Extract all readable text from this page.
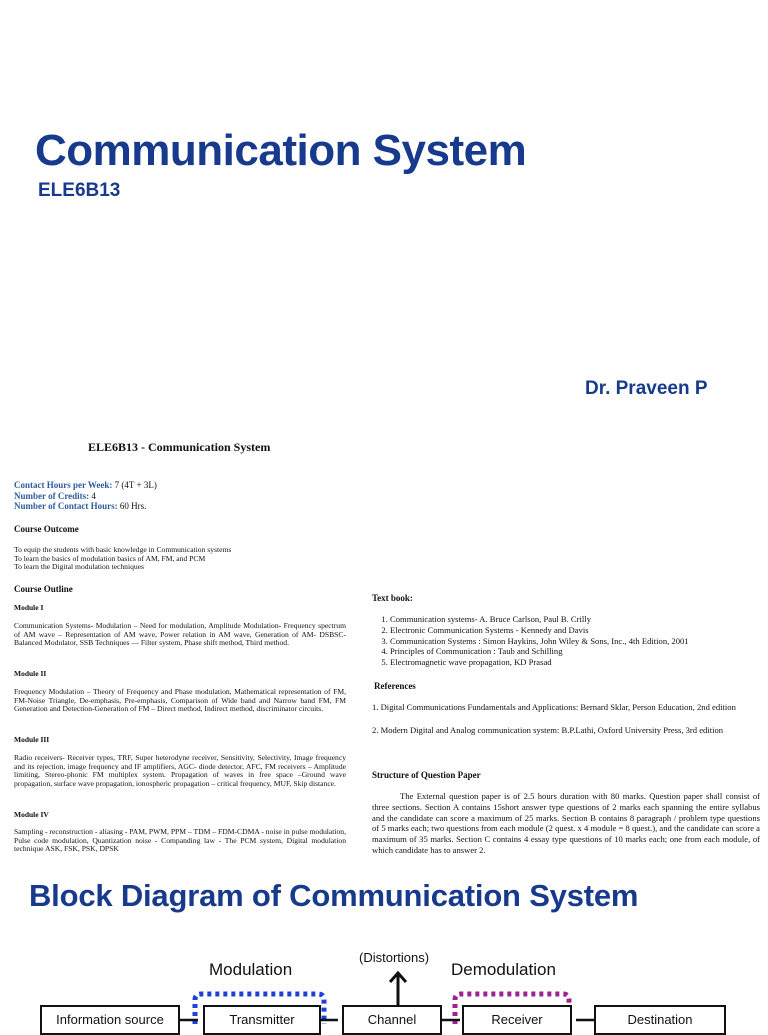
Communication System
ELE6B13
Dr. Praveen P
ELE6B13 - Communication System
Contact Hours per Week: 7 (4T + 3L)
Number of Credits: 4
Number of Contact Hours: 60 Hrs.
Course Outcome
To equip the students with basic knowledge in Communication systems
To learn the basics of modulation basics of AM, FM, and PCM
To learn the Digital modulation techniques
Course Outline
Module I
Communication Systems- Modulation – Need for modulation, Amplitude Modulation- Frequency spectrum of AM wave – Representation of AM wave, Power relation in AM wave, Generation of AM- DSBSC- Balanced Modulator, SSB Techniques — Filter system, Phase shift method, Third method.
Module II
Frequency Modulation – Theory of Frequency and Phase modulation, Mathematical representation of FM, FM-Noise Triangle, De-emphasis, Pre-emphasis, Comparison of Wide band and Narrow band FM, FM Generation and Detection-Generation of FM – Direct method, Indirect method, discriminator circuits.
Module III
Radio receivers- Receiver types, TRF, Super heterodyne receiver, Sensitivity, Selectivity, Image frequency and its rejection, image frequency and IF amplifiers, AGC- diode detector, AFC, FM receivers – Amplitude limiting, Stereo-phonic FM multiplex system. Propagation of waves in free space –Ground wave propagation, surface wave propagation, ionospheric propagation – critical frequency, MUF, Skip distance.
Module IV
Sampling - reconstruction - aliasing - PAM, PWM, PPM – TDM – FDM-CDMA - noise in pulse modulation, Pulse code modulation, Quantization noise - Companding law - The PCM system, Digital modulation technique ASK, FSK, PSK, DPSK
Text book:
1. Communication systems- A. Bruce Carlson, Paul B. Crilly
2. Electronic Communication Systems - Kennedy and Davis
3. Communication Systems : Simon Haykins, John Wiley & Sons, Inc., 4th Edition, 2001
4. Principles of Communication : Taub and Schilling
5. Electromagnetic wave propagation, KD Prasad
References
1. Digital Communications Fundamentals and Applications: Bernard Sklar, Person Education, 2nd edition
2. Modern Digital and Analog communication system: B.P.Lathi, Oxford University Press, 3rd edition
Structure of Question Paper
The External question paper is of 2.5 hours duration with 80 marks. Question paper shall consist of three sections. Section A contains 15short answer type questions of 2 marks each spanning the entire syllabus and the candidate can score a maximum of 25 marks. Section B contains 8 paragraph / problem type questions of 5 marks each; two questions from each module (2 quest. x 4 module = 8 quest.), and the candidate can score a maximum of 35 marks. Section C contains 4 essay type questions of 10 marks each; one from each module, of which candidate has to answer 2.
Block Diagram of Communication System
(Distortions)
Modulation	Demodulation
Information source	Transmitter	Channel	Receiver	Destination
